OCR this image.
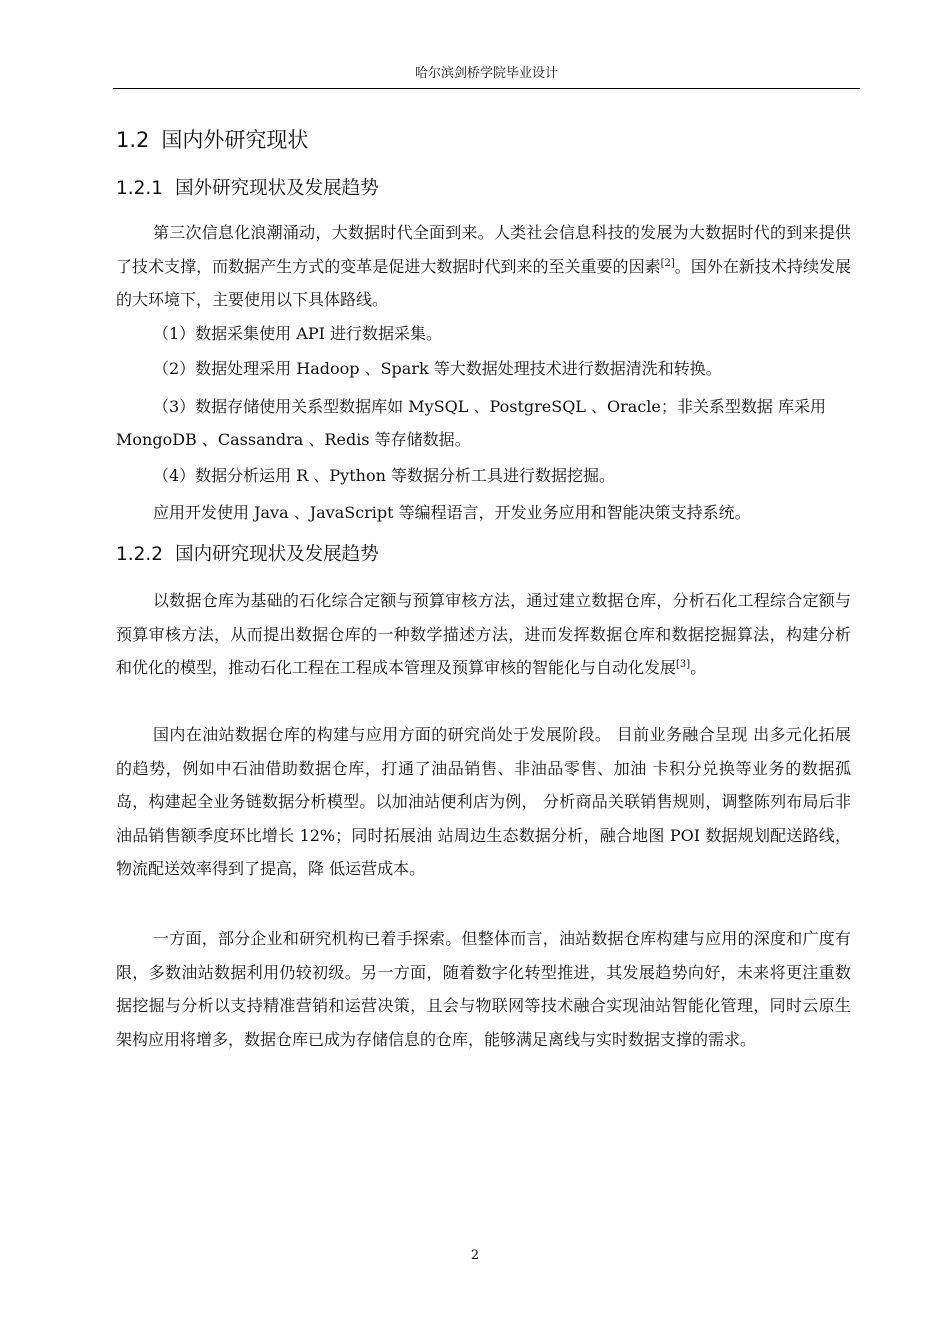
哈尔滨剑桥学院毕业设计
1.2 国内外研究现状
1.2.1 国外研究现状及发展趋势

第三次信息化浪潮涌动，大数据时代全面到来。人类社会信息科技的发展为大数据时代的到来提供了技术支撑，而数据产生方式的变革是促进大数据时代到来的至关重要的因素[2]。国外在新技术持续发展的大环境下，主要使用以下具体路线。

（1）数据采集使用 API 进行数据采集。

（2）数据处理采用 Hadoop 、Spark 等大数据处理技术进行数据清洗和转换。

（3）数据存储使用关系型数据库如 MySQL 、PostgreSQL 、Oracle；非关系型数据 库采用 MongoDB 、Cassandra 、Redis 等存储数据。

（4）数据分析运用 R 、Python 等数据分析工具进行数据挖掘。

应用开发使用 Java 、JavaScript 等编程语言，开发业务应用和智能决策支持系统。

1.2.2 国内研究现状及发展趋势

以数据仓库为基础的石化综合定额与预算审核方法，通过建立数据仓库，分析石化工程综合定额与预算审核方法，从而提出数据仓库的一种数学描述方法，进而发挥数据仓库和数据挖掘算法，构建分析和优化的模型，推动石化工程在工程成本管理及预算审核的智能化与自动化发展[3]。

国内在油站数据仓库的构建与应用方面的研究尚处于发展阶段。 目前业务融合呈现 出多元化拓展的趋势，例如中石油借助数据仓库，打通了油品销售、非油品零售、加油 卡积分兑换等业务的数据孤岛，构建起全业务链数据分析模型。以加油站便利店为例， 分析商品关联销售规则，调整陈列布局后非油品销售额季度环比增长 12%；同时拓展油 站周边生态数据分析，融合地图 POI 数据规划配送路线，物流配送效率得到了提高，降 低运营成本。

一方面，部分企业和研究机构已着手探索。但整体而言，油站数据仓库构建与应用的深度和广度有限，多数油站数据利用仍较初级。另一方面，随着数字化转型推进，其发展趋势向好，未来将更注重数据挖掘与分析以支持精准营销和运营决策，且会与物联网等技术融合实现油站智能化管理，同时云原生架构应用将增多，数据仓库已成为存储信息的仓库，能够满足离线与实时数据支撑的需求。

2
